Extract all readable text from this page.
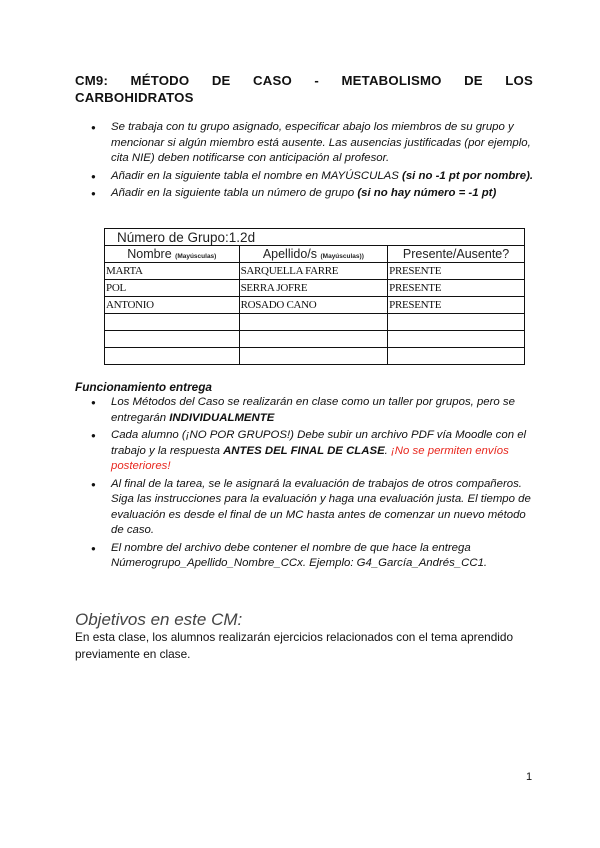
CM9: MÉTODO DE CASO - METABOLISMO DE LOS
CARBOHIDRATOS
● Se trabaja con tu grupo asignado, especificar abajo los miembros de su grupo y mencionar si algún miembro está ausente. Las ausencias justificadas (por ejemplo, cita NIE) deben notificarse con anticipación al profesor.
● Añadir en la siguiente tabla el nombre en MAYÚSCULAS (si no -1 pt por nombre).
● Añadir en la siguiente tabla un número de grupo (si no hay número = -1 pt)
Número de Grupo:1.2d		
Nombre (Mayúsculas)	Apellido/s (Mayúsculas))	Presente/Ausente?
MARTA	SARQUELLA FARRE	PRESENTE
POL	SERRA JOFRE	PRESENTE
ANTONIO	ROSADO CANO	PRESENTE

Funcionamiento entrega
● Los Métodos del Caso se realizarán en clase como un taller por grupos, pero se entregarán INDIVIDUALMENTE
● Cada alumno (¡NO POR GRUPOS!) Debe subir un archivo PDF vía Moodle con el trabajo y la respuesta ANTES DEL FINAL DE CLASE. ¡No se permiten envíos posteriores!
● Al final de la tarea, se le asignará la evaluación de trabajos de otros compañeros. Siga las instrucciones para la evaluación y haga una evaluación justa. El tiempo de evaluación es desde el final de un MC hasta antes de comenzar un nuevo método de caso.
● El nombre del archivo debe contener el nombre de que hace la entrega Númerogrupo_Apellido_Nombre_CCx. Ejemplo: G4_García_Andrés_CC1.
Objetivos en este CM:
En esta clase, los alumnos realizarán ejercicios relacionados con el tema aprendido previamente en clase.
1
